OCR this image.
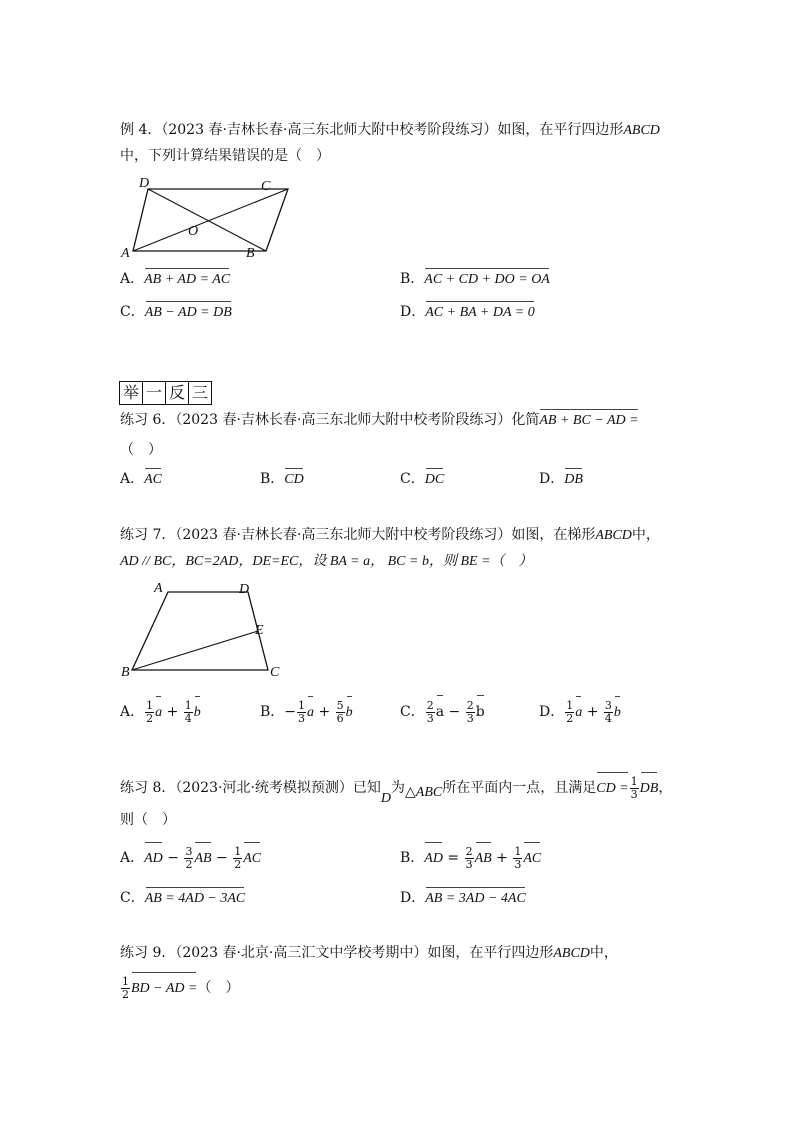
例 4．（2023 春·吉林长春·高三东北师大附中校考阶段练习）如图，在平行四边形ABCD
中，下列计算结果错误的是（　）
D	C
A	B
O
A．AB + AD = AC	B．AC + CD + DO = OA
C．AB − AD = DB	D．AC + BA + DA = 0
举 一 反 三
练习 6．（2023 春·吉林长春·高三东北师大附中校考阶段练习）化简AB + BC − AD =
（　）
A．AC	B．CD	C．DC	D．DB
练习 7．（2023 春·吉林长春·高三东北师大附中校考阶段练习）如图，在梯形ABCD中，
AD // BC，BC=2AD，DE=EC，设 BA = a， BC = b，则 BE =（　）
A	D
E
B	C
A． $\frac{1}{2}$ $a + \frac{1}{4}$ b	B．− $\frac{1}{3}$ $a + \frac{5}{6}$ b	C． $\frac{2}{3}$ $a - \frac{2}{3}$ b	D． $\frac{1}{2}$ $a + \frac{3}{4}$ b
练习 8．（2023·河北·统考模拟预测）已知D为△ABC所在平面内一点，且满足CD = $\frac{1}{3}$ DB，
则（　）
A．AD − $\frac{3}{2}$ AB − $\frac{1}{2}$ AC	B．AD = $\frac{2}{3}$ AB + $\frac{1}{3}$ AC
C．AB = 4AD − 3AC	D．AB = 3AD − 4AC
练习 9．（2023 春·北京·高三汇文中学校考期中）如图，在平行四边形ABCD中，
$\frac{1}{2}$ BD − AD =（　）
